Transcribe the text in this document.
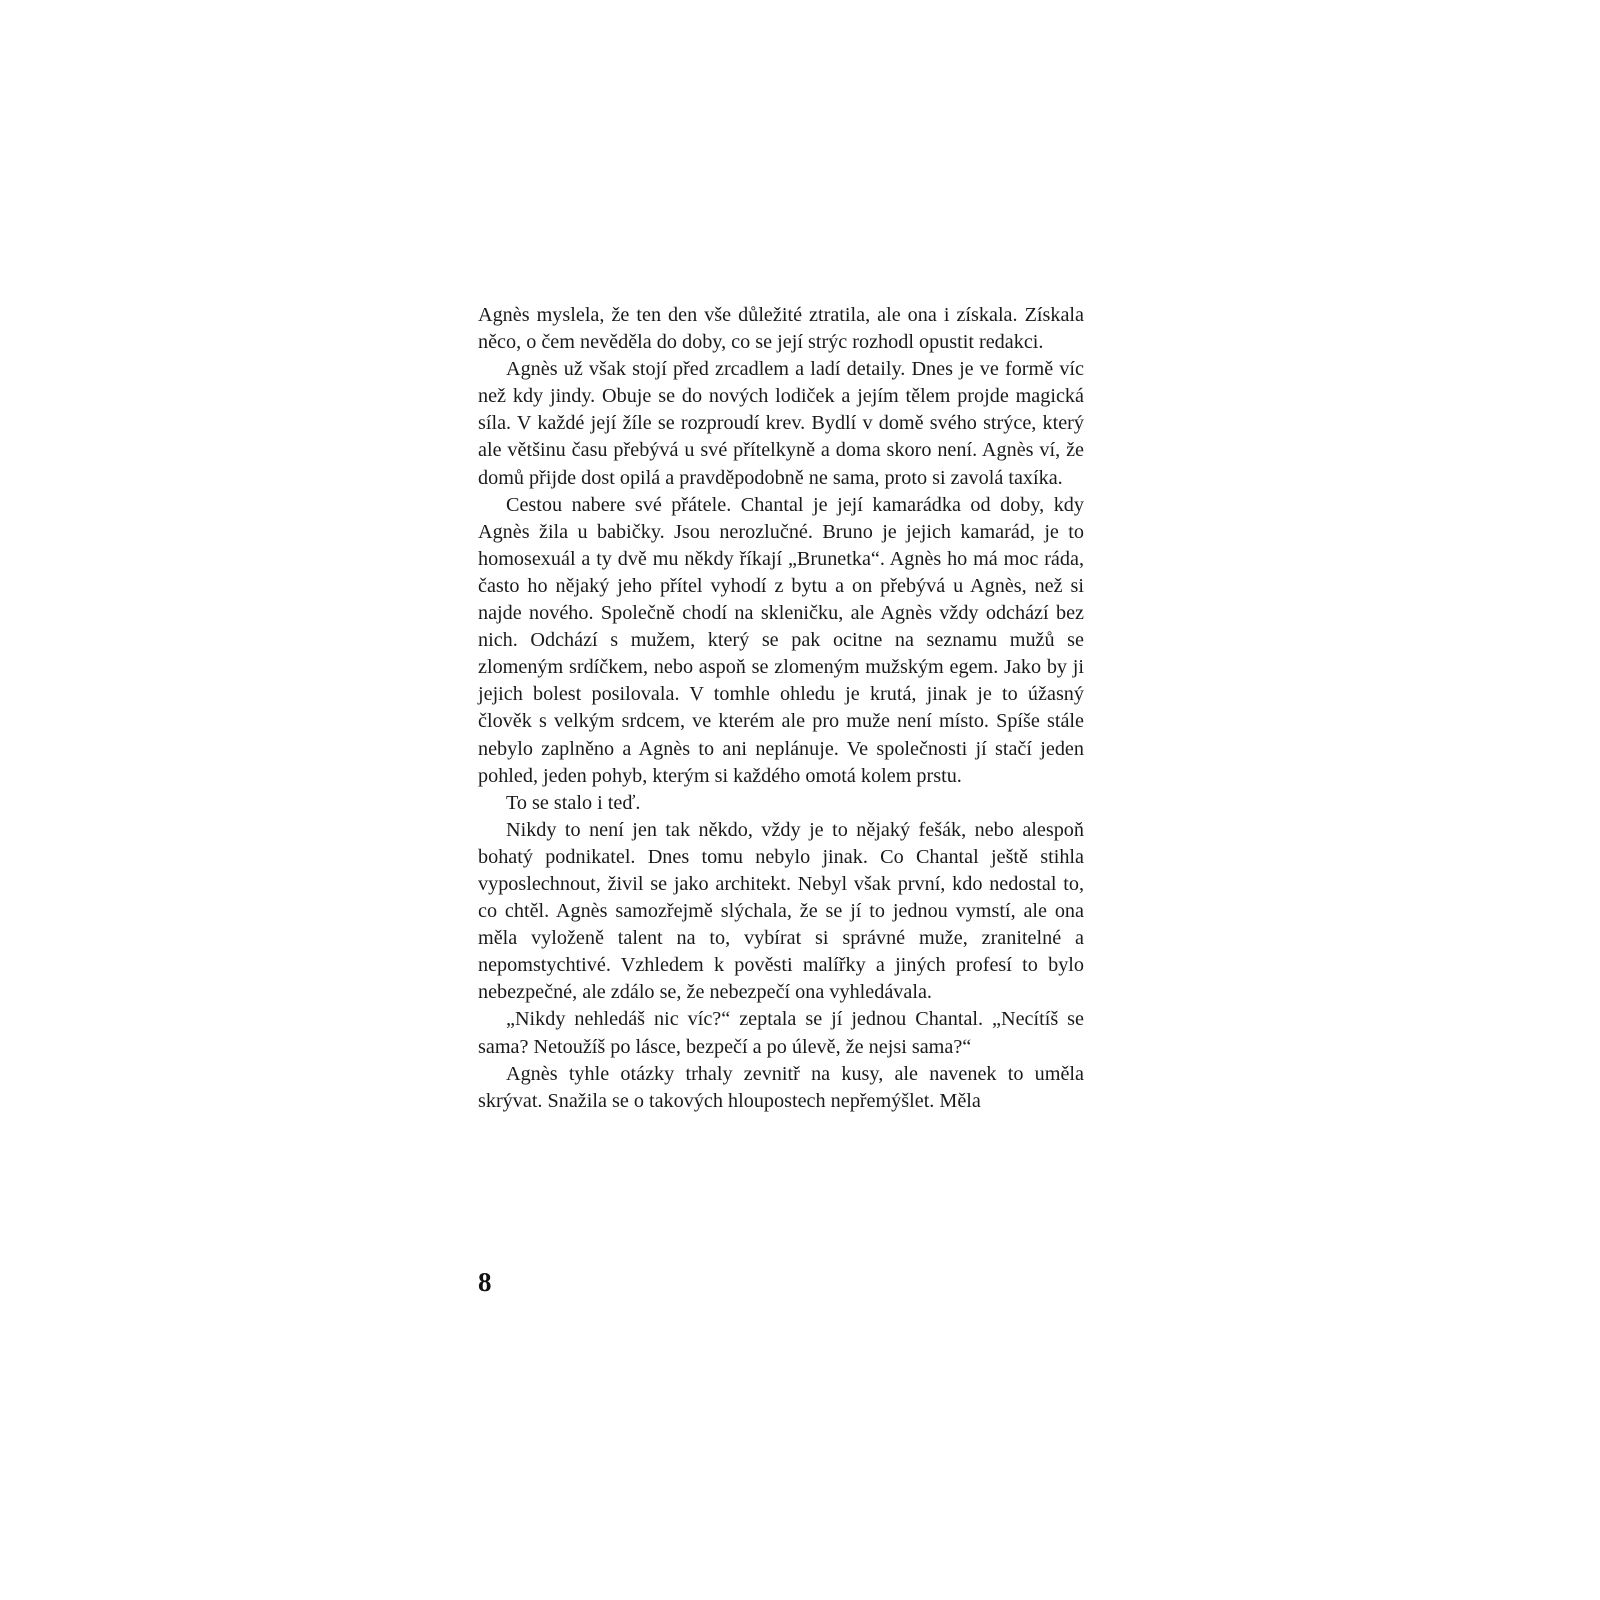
Agnès myslela, že ten den vše důležité ztratila, ale ona i získala. Získala něco, o čem nevěděla do doby, co se její strýc rozhodl opustit redakci.

Agnès už však stojí před zrcadlem a ladí detaily. Dnes je ve formě víc než kdy jindy. Obuje se do nových lodiček a jejím tělem projde magická síla. V každé její žíle se rozproudí krev. Bydlí v domě svého strýce, který ale většinu času přebývá u své přítelkyně a doma skoro není. Agnès ví, že domů přijde dost opilá a pravděpodobně ne sama, proto si zavolá taxíka.

Cestou nabere své přátele. Chantal je její kamarádka od doby, kdy Agnès žila u babičky. Jsou nerozlučné. Bruno je jejich kamarád, je to homosexuál a ty dvě mu někdy říkají „Brunetka“. Agnès ho má moc ráda, často ho nějaký jeho přítel vyhodí z bytu a on přebývá u Agnès, než si najde nového. Společně chodí na skleničku, ale Agnès vždy odchází bez nich. Odchází s mužem, který se pak ocitne na seznamu mužů se zlomeným srdíčkem, nebo aspoň se zlomeným mužským egem. Jako by ji jejich bolest posilovala. V tomhle ohledu je krutá, jinak je to úžasný člověk s velkým srdcem, ve kterém ale pro muže není místo. Spíše stále nebylo zaplněno a Agnès to ani neplánuje. Ve společnosti jí stačí jeden pohled, jeden pohyb, kterým si každého omotá kolem prstu.

To se stalo i teď.

Nikdy to není jen tak někdo, vždy je to nějaký fešák, nebo alespoň bohatý podnikatel. Dnes tomu nebylo jinak. Co Chantal ještě stihla vyposlechnout, živil se jako architekt. Nebyl však první, kdo nedostal to, co chtěl. Agnès samozřejmě slýchala, že se jí to jednou vymstí, ale ona měla vyloženě talent na to, vybírat si správné muže, zranitelné a nepomstychtivé. Vzhledem k pověsti malířky a jiných profesí to bylo nebezpečné, ale zdálo se, že nebezpečí ona vyhledávala.

„Nikdy nehledáš nic víc?“ zeptala se jí jednou Chantal. „Necítíš se sama? Netoužíš po lásce, bezpečí a po úlevě, že nejsi sama?“

Agnès tyhle otázky trhaly zevnitř na kusy, ale navenek to uměla skrývat. Snažila se o takových hloupostech nepřemýšlet. Měla

8
